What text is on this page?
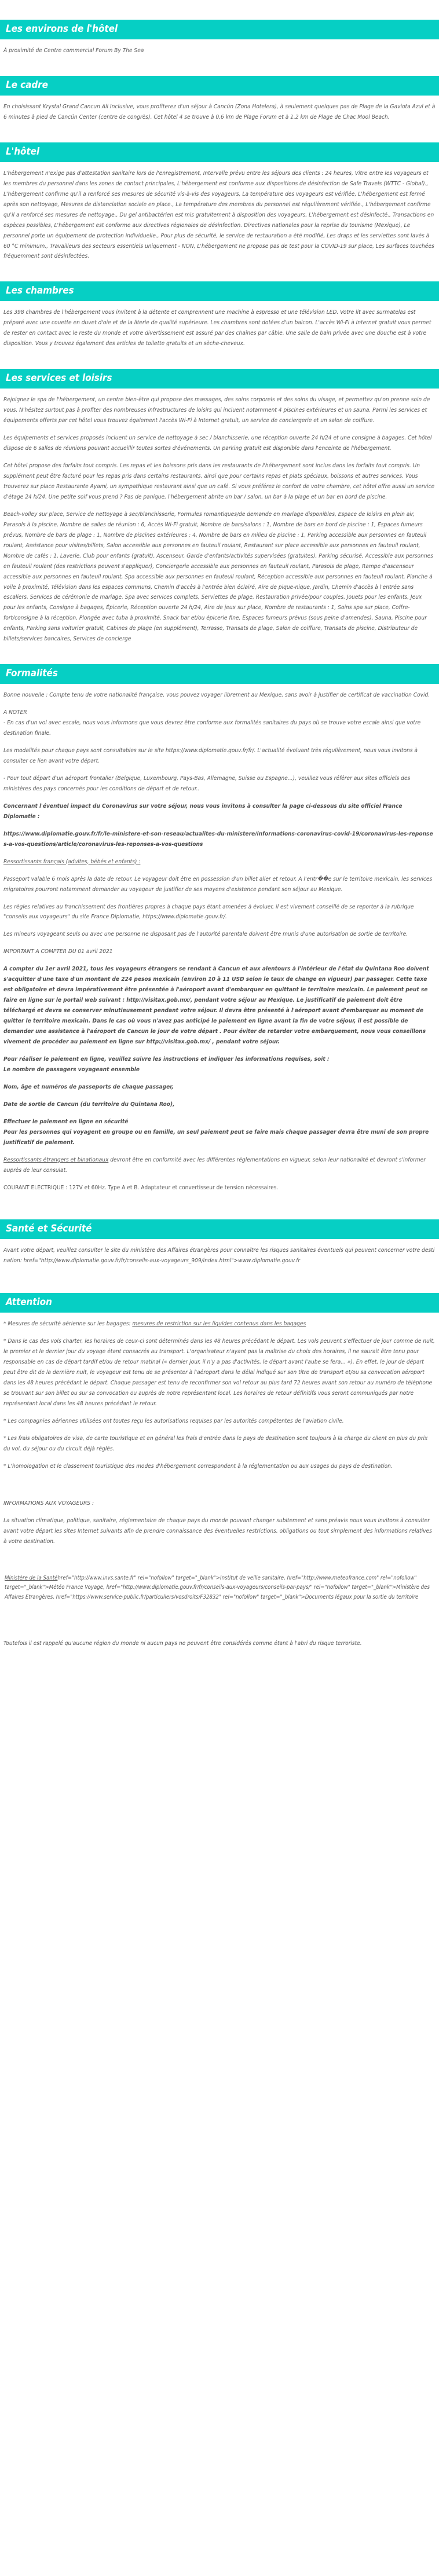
Les environs de l'hôtel

À proximité de Centre commercial Forum By The Sea

Le cadre

En choisissant Krystal Grand Cancun All Inclusive, vous profiterez d'un séjour à Cancún (Zona Hotelera), à seulement quelques pas de Plage de la Gaviota Azul et à 6 minutes à pied de Cancún Center (centre de congrès). Cet hôtel 4 se trouve à 0,6 km de Plage Forum et à 1,2 km de Plage de Chac Mool Beach.

L'hôtel

L'hébergement n'exige pas d'attestation sanitaire lors de l'enregistrement, Intervalle prévu entre les séjours des clients : 24 heures, Vitre entre les voyageurs et les membres du personnel dans les zones de contact principales, L'hébergement est conforme aux dispositions de désinfection de Safe Travels (WTTC - Global)., L'hébergement confirme qu'il a renforcé ses mesures de sécurité vis-à-vis des voyageurs, La température des voyageurs est vérifiée, L'hébergement est fermé après son nettoyage, Mesures de distanciation sociale en place., La température des membres du personnel est régulièrement vérifiée., L'hébergement confirme qu'il a renforcé ses mesures de nettoyage., Du gel antibactérien est mis gratuitement à disposition des voyageurs, L'hébergement est désinfecté., Transactions en espèces possibles, L'hébergement est conforme aux directives régionales de désinfection. Directives nationales pour la reprise du tourisme (Mexique), Le personnel porte un équipement de protection individuelle., Pour plus de sécurité, le service de restauration a été modifié, Les draps et les serviettes sont lavés à 60 °C minimum., Travailleurs des secteurs essentiels uniquement - NON, L'hébergement ne propose pas de test pour la COVID-19 sur place, Les surfaces touchées fréquemment sont désinfectées.

Les chambres

Les 398 chambres de l'hébergement vous invitent à la détente et comprennent une machine à espresso et une télévision LED. Votre lit avec surmatelas est préparé avec une couette en duvet d'oie et de la literie de qualité supérieure. Les chambres sont dotées d'un balcon. L'accès Wi-Fi à Internet gratuit vous permet de rester en contact avec le reste du monde et votre divertissement est assuré par des chaînes par câble. Une salle de bain privée avec une douche est à votre disposition. Vous y trouvez également des articles de toilette gratuits et un sèche-cheveux.

Les services et loisirs

Rejoignez le spa de l'hébergement, un centre bien-être qui propose des massages, des soins corporels et des soins du visage, et permettez qu'on prenne soin de vous. N'hésitez surtout pas à profiter des nombreuses infrastructures de loisirs qui incluent notamment 4 piscines extérieures et un sauna. Parmi les services et équipements offerts par cet hôtel vous trouvez également l'accès Wi-Fi à Internet gratuit, un service de conciergerie et un salon de coiffure.

Les équipements et services proposés incluent un service de nettoyage à sec / blanchisserie, une réception ouverte 24 h/24 et une consigne à bagages. Cet hôtel dispose de 6 salles de réunions pouvant accueillir toutes sortes d'événements. Un parking gratuit est disponible dans l'enceinte de l'hébergement.

Cet hôtel propose des forfaits tout compris. Les repas et les boissons pris dans les restaurants de l'hébergement sont inclus dans les forfaits tout compris. Un supplément peut être facturé pour les repas pris dans certains restaurants, ainsi que pour certains repas et plats spéciaux, boissons et autres services. Vous trouverez sur place Restaurante Ayami, un sympathique restaurant ainsi que un café. Si vous préférez le confort de votre chambre, cet hôtel offre aussi un service d'étage 24 h/24. Une petite soif vous prend ? Pas de panique, l'hébergement abrite un bar / salon, un bar à la plage et un bar en bord de piscine.

Beach-volley sur place, Service de nettoyage à sec/blanchisserie, Formules romantiques/de demande en mariage disponibles, Espace de loisirs en plein air, Parasols à la piscine, Nombre de salles de réunion : 6, Accès Wi-Fi gratuit, Nombre de bars/salons : 1, Nombre de bars en bord de piscine : 1, Espaces fumeurs prévus, Nombre de bars de plage : 1, Nombre de piscines extérieures : 4, Nombre de bars en milieu de piscine : 1, Parking accessible aux personnes en fauteuil roulant, Assistance pour visites/billets, Salon accessible aux personnes en fauteuil roulant, Restaurant sur place accessible aux personnes en fauteuil roulant, Nombre de cafés : 1, Laverie, Club pour enfants (gratuit), Ascenseur, Garde d'enfants/activités supervisées (gratuites), Parking sécurisé, Accessible aux personnes en fauteuil roulant (des restrictions peuvent s'appliquer), Conciergerie accessible aux personnes en fauteuil roulant, Parasols de plage, Rampe d'ascenseur accessible aux personnes en fauteuil roulant, Spa accessible aux personnes en fauteuil roulant, Réception accessible aux personnes en fauteuil roulant, Planche à voile à proximité, Télévision dans les espaces communs, Chemin d'accès à l'entrée bien éclairé, Aire de pique-nique, Jardin, Chemin d'accès à l'entrée sans escaliers, Services de cérémonie de mariage, Spa avec services complets, Serviettes de plage, Restauration privée/pour couples, Jouets pour les enfants, Jeux pour les enfants, Consigne à bagages, Épicerie, Réception ouverte 24 h/24, Aire de jeux sur place, Nombre de restaurants : 1, Soins spa sur place, Coffre-fort/consigne à la réception, Plongée avec tuba à proximité, Snack bar et/ou épicerie fine, Espaces fumeurs prévus (sous peine d'amendes), Sauna, Piscine pour enfants, Parking sans voiturier gratuit, Cabines de plage (en supplément), Terrasse, Transats de plage, Salon de coiffure, Transats de piscine, Distributeur de billets/services bancaires, Services de concierge

Formalités

Bonne nouvelle : Compte tenu de votre nationalité française, vous pouvez voyager librement au Mexique, sans avoir à justifier de certificat de vaccination Covid.

A NOTER

- En cas d'un vol avec escale, nous vous informons que vous devrez être conforme aux formalités sanitaires du pays où se trouve votre escale ainsi que votre destination finale.

Les modalités pour chaque pays sont consultables sur le site https://www.diplomatie.gouv.fr/fr/. L'actualité évoluant très régulièrement, nous vous invitons à consulter ce lien avant votre départ.

- Pour tout départ d'un aéroport frontalier (Belgique, Luxembourg, Pays-Bas, Allemagne, Suisse ou Espagne...), veuillez vous référer aux sites officiels des ministères des pays concernés pour les conditions de départ et de retour..

Concernant l'éventuel impact du Coronavirus sur votre séjour, nous vous invitons à consulter la page ci-dessous du site officiel France Diplomatie :

https://www.diplomatie.gouv.fr/fr/le-ministere-et-son-reseau/actualites-du-ministere/informations-coronavirus-covid-19/coronavirus-les-reponses-a-vos-questions/article/coronavirus-les-reponses-a-vos-questions

Ressortissants français (adultes, bébés et enfants) :

Passeport valable 6 mois après la date de retour. Le voyageur doit être en possession d'un billet aller et retour. A l'entr��e sur le territoire mexicain, les services migratoires pourront notamment demander au voyageur de justifier de ses moyens d'existence pendant son séjour au Mexique.

Les règles relatives au franchissement des frontières propres à chaque pays étant amenées à évoluer, il est vivement conseillé de se reporter à la rubrique "conseils aux voyageurs" du site France Diplomatie, https://www.diplomatie.gouv.fr/.

Les mineurs voyageant seuls ou avec une personne ne disposant pas de l'autorité parentale doivent être munis d'une autorisation de sortie de territoire.

IMPORTANT A COMPTER DU 01 avril 2021

A compter du 1er avril 2021, tous les voyageurs étrangers se rendant à Cancun et aux alentours à l'intérieur de l'état du Quintana Roo doivent s'acquitter d'une taxe d'un montant de 224 pesos mexicain (environ 10 à 11 USD selon le taux de change en vigueur) par passager. Cette taxe est obligatoire et devra impérativement être présentée à l'aéroport avant d'embarquer en quittant le territoire mexicain. Le paiement peut se faire en ligne sur le portail web suivant : http://visitax.gob.mx/, pendant votre séjour au Mexique. Le justificatif de paiement doit être téléchargé et devra se conserver minutieusement pendant votre séjour. Il devra être présenté à l'aéroport avant d'embarquer au moment de quitter le territoire mexicain. Dans le cas où vous n'avez pas anticipé le paiement en ligne avant la fin de votre séjour, il est possible de demander une assistance à l'aéroport de Cancun le jour de votre départ . Pour éviter de retarder votre embarquement, nous vous conseillons vivement de procéder au paiement en ligne sur http://visitax.gob.mx/ , pendant votre séjour.

Pour réaliser le paiement en ligne, veuillez suivre les instructions et indiquer les informations requises, soit :

Le nombre de passagers voyageant ensemble

Nom, âge et numéros de passeports de chaque passager,

Date de sortie de Cancun (du territoire du Quintana Roo),

Effectuer le paiement en ligne en sécurité

Pour les personnes qui voyagent en groupe ou en famille, un seul paiement peut se faire mais chaque passager devra être muni de son propre justificatif de paiement.

Ressortissants étrangers et binationaux devront être en conformité avec les différentes réglementations en vigueur, selon leur nationalité et devront s'informer auprès de leur consulat.

COURANT ELECTRIQUE : 127V et 60Hz. Type A et B. Adaptateur et convertisseur de tension nécessaires.

Santé et Sécurité

Avant votre départ, veuillez consulter le site du ministère des Affaires étrangères pour connaître les risques sanitaires éventuels qui peuvent concerner votre destination: href="http://www.diplomatie.gouv.fr/fr/conseils-aux-voyageurs_909/index.html">www.diplomatie.gouv.fr

Attention

* Mesures de sécurité aérienne sur les bagages: mesures de restriction sur les liquides contenus dans les bagages

* Dans le cas des vols charter, les horaires de ceux-ci sont déterminés dans les 48 heures précédant le départ. Les vols peuvent s'effectuer de jour comme de nuit, le premier et le dernier jour du voyage étant consacrés au transport. L'organisateur n'ayant pas la maîtrise du choix des horaires, il ne saurait être tenu pour responsable en cas de départ tardif et/ou de retour matinal (« dernier jour, il n'y a pas d'activités, le départ avant l'aube se fera... »). En effet, le jour de départ peut être dit de la dernière nuit, le voyageur est tenu de se présenter à l'aéroport dans le délai indiqué sur son titre de transport et/ou sa convocation aéroport dans les 48 heures précédant le départ. Chaque passager est tenu de reconfirmer son vol retour au plus tard 72 heures avant son retour au numéro de téléphone se trouvant sur son billet ou sur sa convocation ou auprès de notre représentant local. Les horaires de retour définitifs vous seront communiqués par notre représentant local dans les 48 heures précédant le retour.

* Les compagnies aériennes utilisées ont toutes reçu les autorisations requises par les autorités compétentes de l'aviation civile.

* Les frais obligatoires de visa, de carte touristique et en général les frais d'entrée dans le pays de destination sont toujours à la charge du client en plus du prix du vol, du séjour ou du circuit déjà réglés.

* L'homologation et le classement touristique des modes d'hébergement correspondent à la réglementation ou aux usages du pays de destination.

INFORMATIONS AUX VOYAGEURS :

La situation climatique, politique, sanitaire, réglementaire de chaque pays du monde pouvant changer subitement et sans préavis nous vous invitons à consulter avant votre départ les sites Internet suivants afin de prendre connaissance des éventuelles restrictions, obligations ou tout simplement des informations relatives à votre destination.

Ministère de la Santéhref="http://www.invs.sante.fr" rel="nofollow" target="_blank">Institut de veille sanitaire, href="http://www.meteofrance.com" rel="nofollow" target="_blank">Météo France Voyage, href="http://www.diplomatie.gouv.fr/fr/conseils-aux-voyageurs/conseils-par-pays/" rel="nofollow" target="_blank">Ministère des Affaires Etrangères, href="https://www.service-public.fr/particuliers/vosdroits/F32832" rel="nofollow" target="_blank">Documents légaux pour la sortie du territoire

Toutefois il est rappelé qu'aucune région du monde ni aucun pays ne peuvent être considérés comme étant à l'abri du risque terroriste.
